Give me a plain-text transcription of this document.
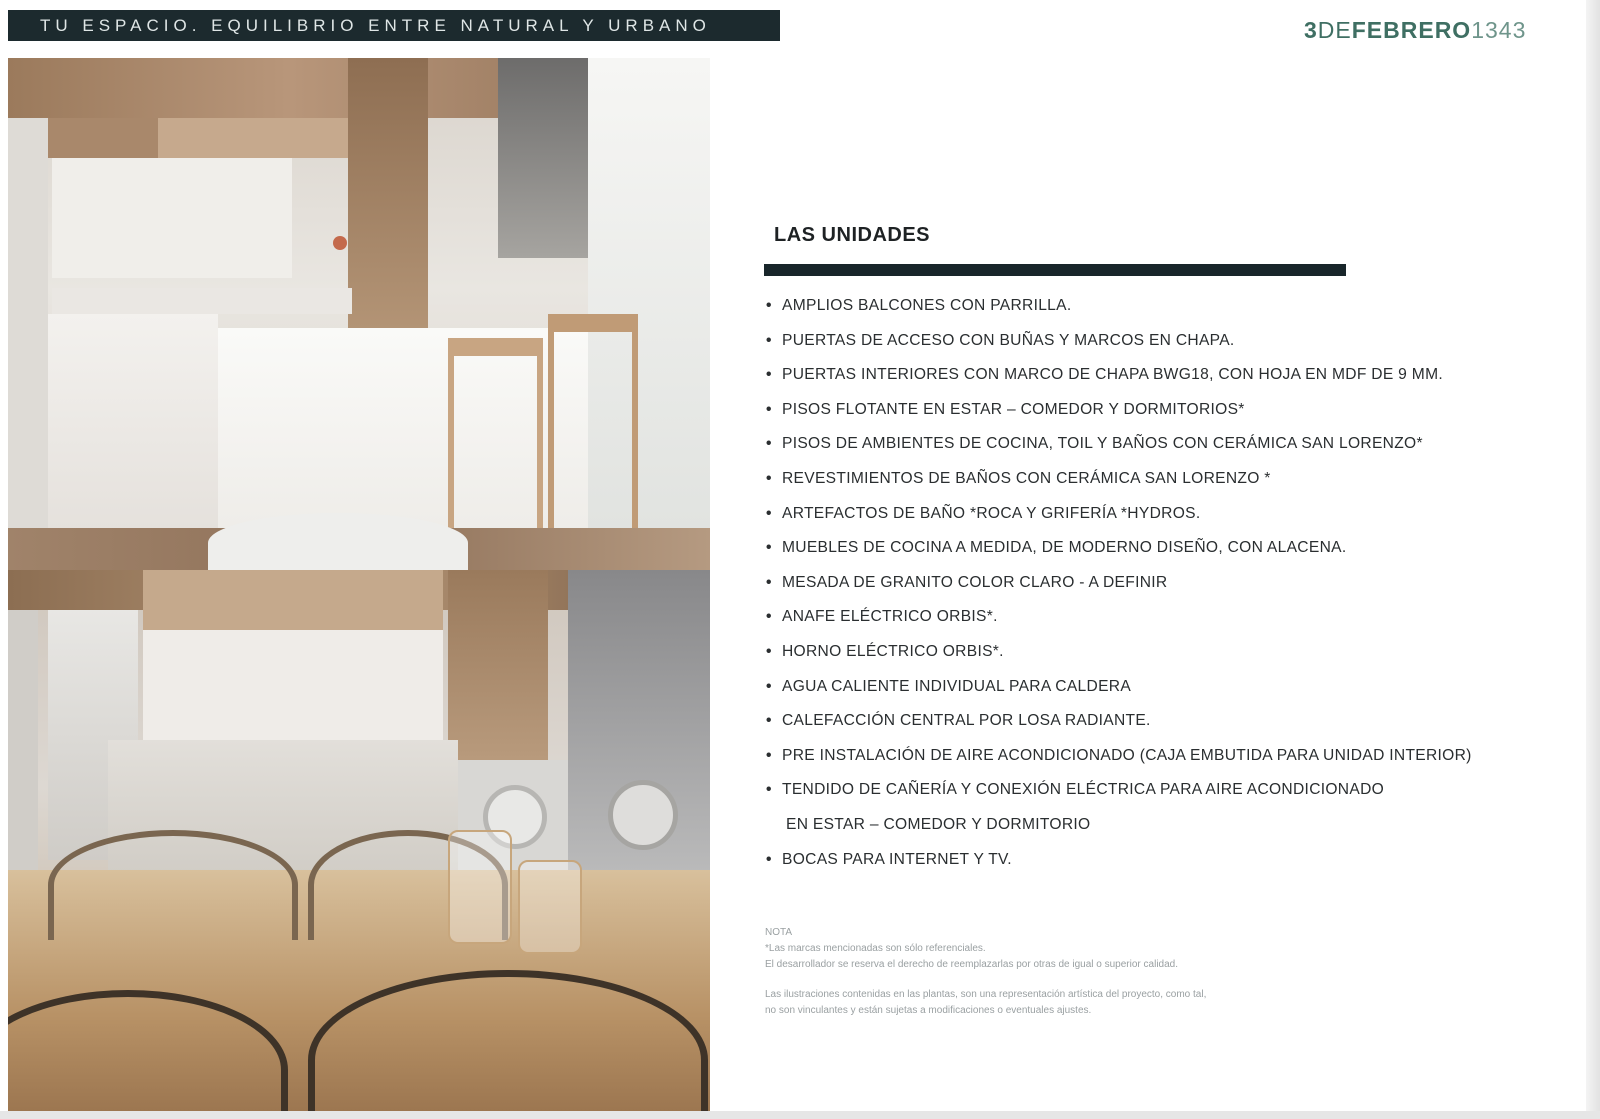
TU ESPACIO. EQUILIBRIO ENTRE NATURAL Y URBANO	3 DE FEBRERO 1343
LAS UNIDADES
• AMPLIOS BALCONES CON PARRILLA.
• PUERTAS DE ACCESO CON BUÑAS Y MARCOS EN CHAPA.
• PUERTAS INTERIORES CON MARCO DE CHAPA BWG18, CON HOJA EN MDF DE 9 MM.
• PISOS FLOTANTE EN ESTAR – COMEDOR Y DORMITORIOS*
• PISOS DE AMBIENTES DE COCINA, TOIL Y BAÑOS CON CERÁMICA SAN LORENZO*
• REVESTIMIENTOS DE BAÑOS CON CERÁMICA SAN LORENZO *
• ARTEFACTOS DE BAÑO *ROCA Y GRIFERÍA *HYDROS.
• MUEBLES DE COCINA A MEDIDA, DE MODERNO DISEÑO, CON ALACENA.
• MESADA DE GRANITO COLOR CLARO - A DEFINIR
• ANAFE ELÉCTRICO ORBIS*.
• HORNO ELÉCTRICO ORBIS*.
• AGUA CALIENTE INDIVIDUAL PARA CALDERA
• CALEFACCIÓN CENTRAL POR LOSA RADIANTE.
• PRE INSTALACIÓN DE AIRE ACONDICIONADO (CAJA EMBUTIDA PARA UNIDAD INTERIOR)
• TENDIDO DE CAÑERÍA Y CONEXIÓN ELÉCTRICA PARA AIRE ACONDICIONADO
EN ESTAR – COMEDOR Y DORMITORIO
• BOCAS PARA INTERNET Y TV.

NOTA

*Las marcas mencionadas son sólo referenciales.

El desarrollador se reserva el derecho de reemplazarlas por otras de igual o superior calidad.

Las ilustraciones contenidas en las plantas, son una representación artística del proyecto, como tal,

no son vinculantes y están sujetas a modificaciones o eventuales ajustes.
